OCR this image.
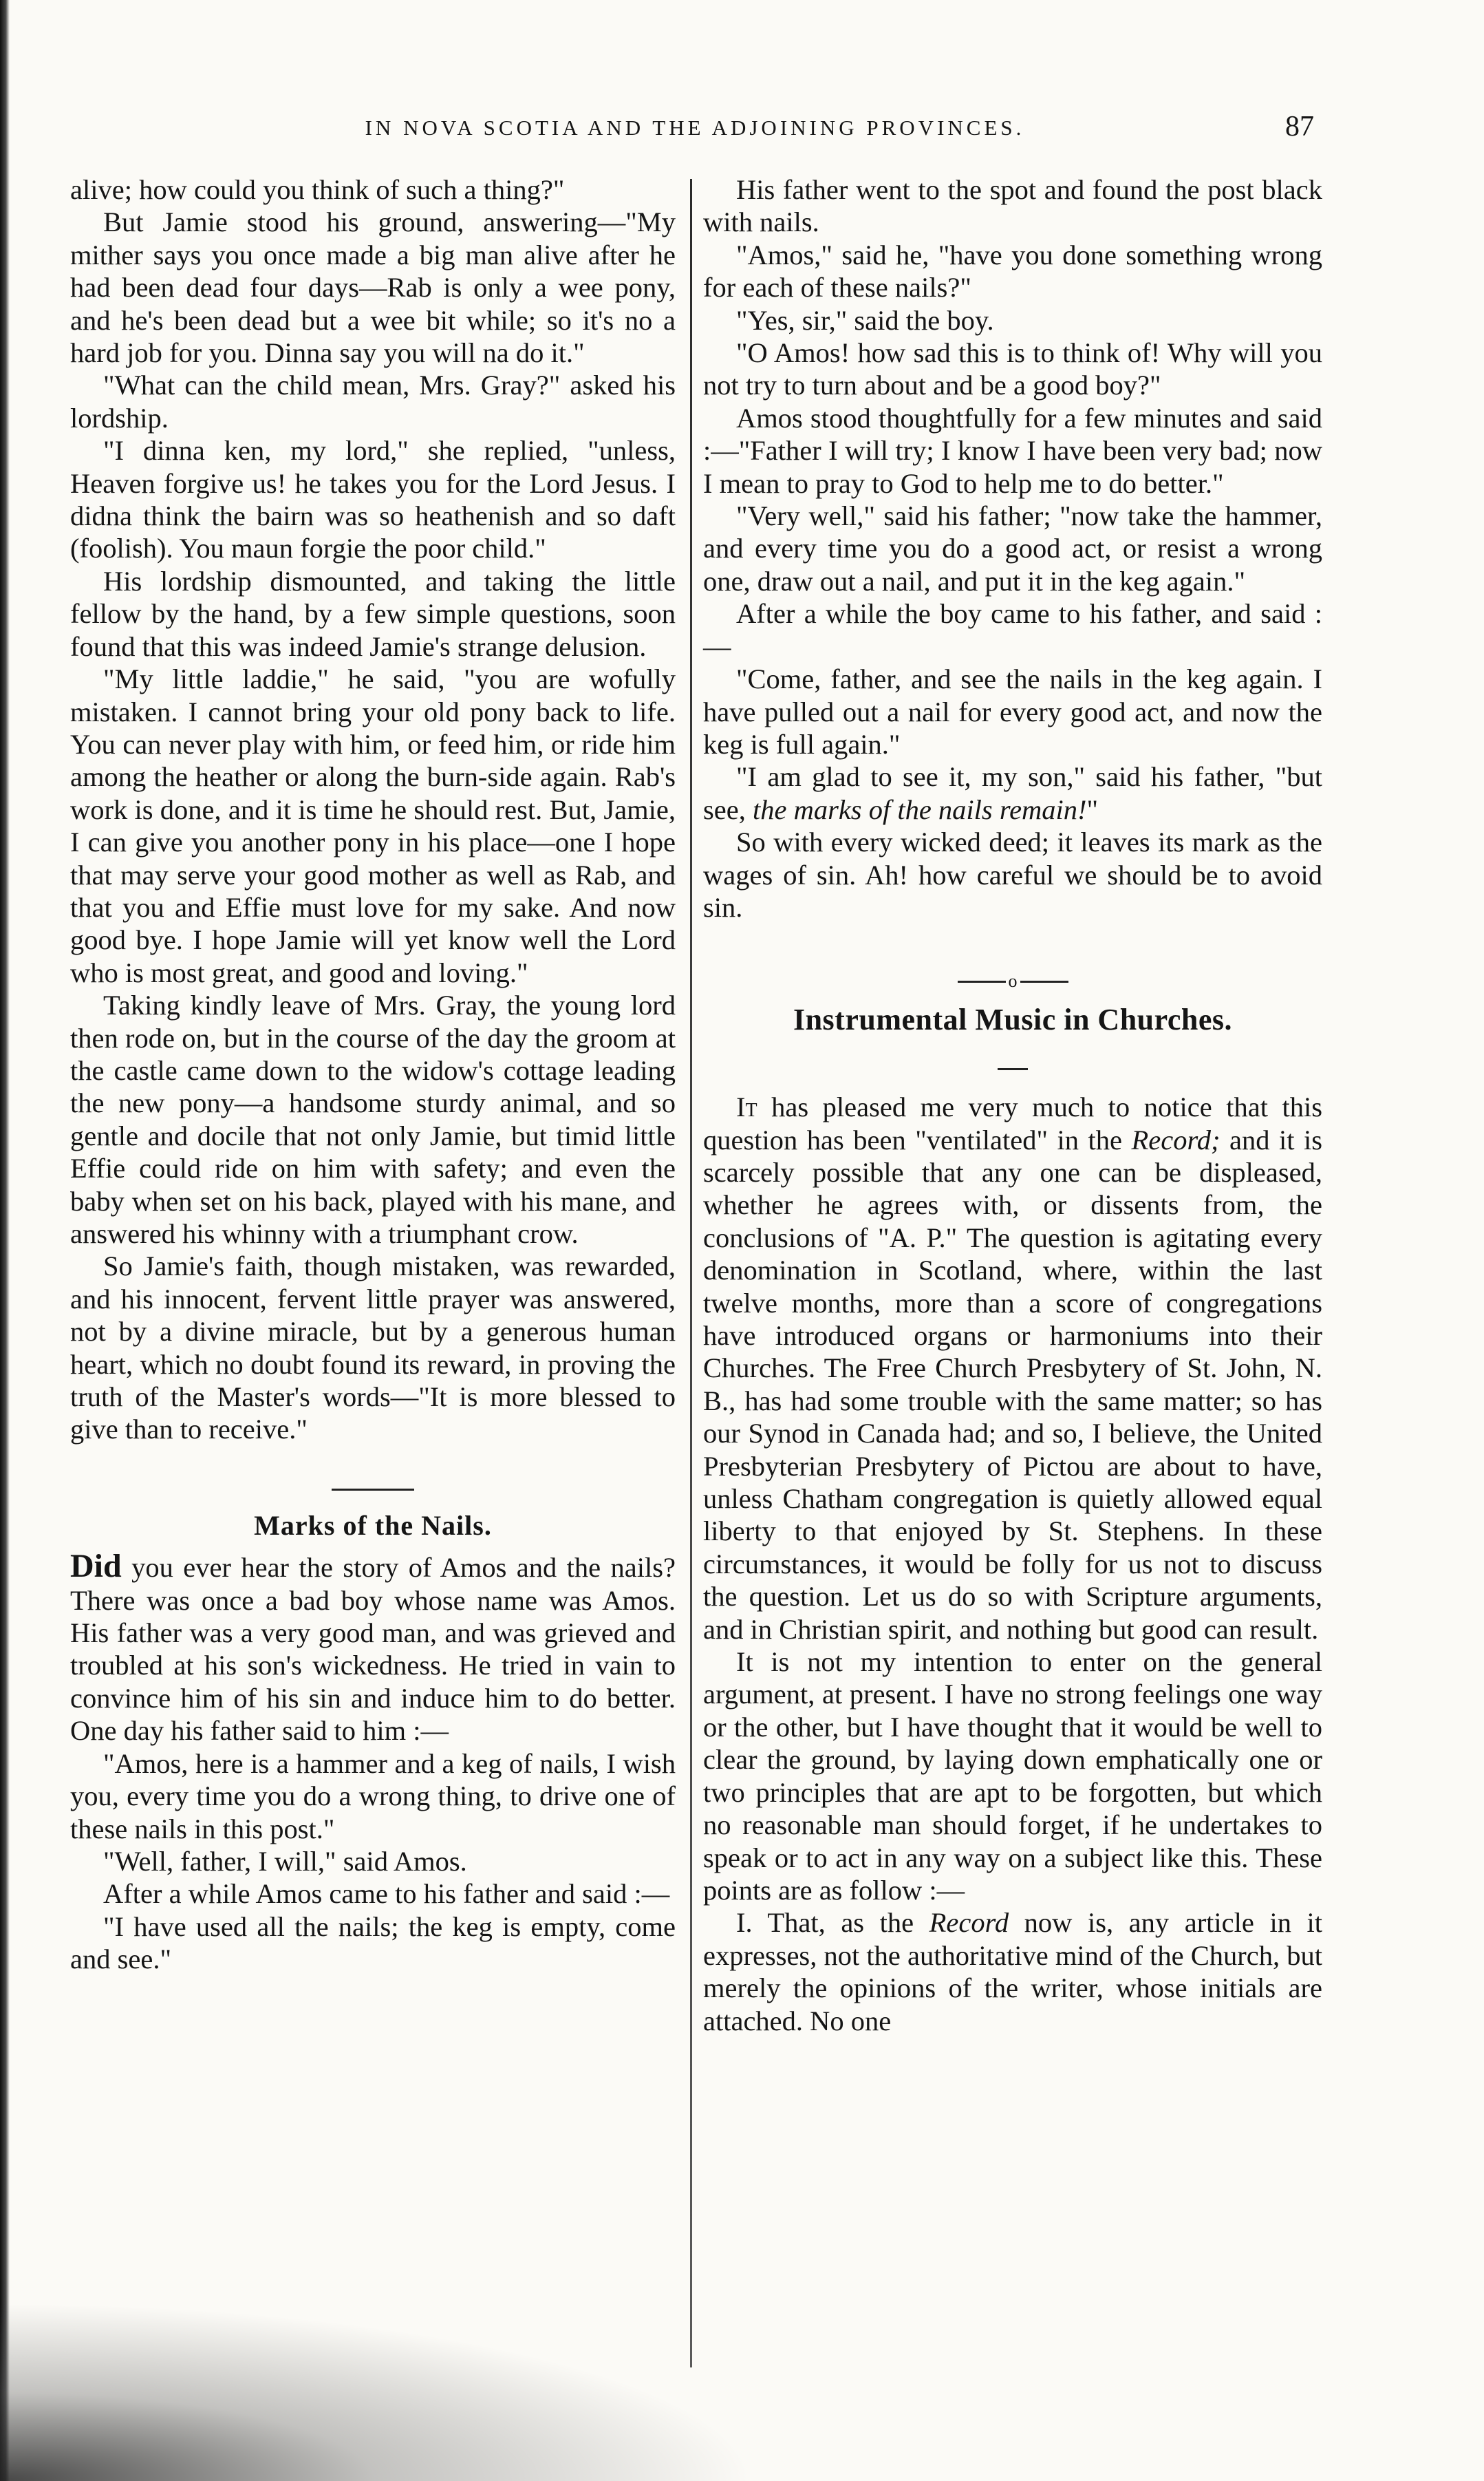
IN NOVA SCOTIA AND THE ADJOINING PROVINCES.	87

alive; how could you think of such a thing?"

But Jamie stood his ground, answering—"My mither says you once made a big man alive after he had been dead four days—Rab is only a wee pony, and he's been dead but a wee bit while; so it's no a hard job for you. Dinna say you will na do it."

"What can the child mean, Mrs. Gray?" asked his lordship.

"I dinna ken, my lord," she replied, "unless, Heaven forgive us! he takes you for the Lord Jesus. I didna think the bairn was so heathenish and so daft (foolish). You maun forgie the poor child."

His lordship dismounted, and taking the little fellow by the hand, by a few simple questions, soon found that this was indeed Jamie's strange delusion.

"My little laddie," he said, "you are wofully mistaken. I cannot bring your old pony back to life. You can never play with him, or feed him, or ride him among the heather or along the burn-side again. Rab's work is done, and it is time he should rest. But, Jamie, I can give you another pony in his place—one I hope that may serve your good mother as well as Rab, and that you and Effie must love for my sake. And now good bye. I hope Jamie will yet know well the Lord who is most great, and good and loving."

Taking kindly leave of Mrs. Gray, the young lord then rode on, but in the course of the day the groom at the castle came down to the widow's cottage leading the new pony—a handsome sturdy animal, and so gentle and docile that not only Jamie, but timid little Effie could ride on him with safety; and even the baby when set on his back, played with his mane, and answered his whinny with a triumphant crow.

So Jamie's faith, though mistaken, was rewarded, and his innocent, fervent little prayer was answered, not by a divine miracle, but by a generous human heart, which no doubt found its reward, in proving the truth of the Master's words—"It is more blessed to give than to receive."

Marks of the Nails.

Did you ever hear the story of Amos and the nails? There was once a bad boy whose name was Amos. His father was a very good man, and was grieved and troubled at his son's wickedness. He tried in vain to convince him of his sin and induce him to do better. One day his father said to him :—

"Amos, here is a hammer and a keg of nails, I wish you, every time you do a wrong thing, to drive one of these nails in this post."

"Well, father, I will," said Amos.

After a while Amos came to his father and said :—

"I have used all the nails; the keg is empty, come and see."

His father went to the spot and found the post black with nails.

"Amos," said he, "have you done something wrong for each of these nails?"

"Yes, sir," said the boy.

"O Amos! how sad this is to think of! Why will you not try to turn about and be a good boy?"

Amos stood thoughtfully for a few minutes and said :—"Father I will try; I know I have been very bad; now I mean to pray to God to help me to do better."

"Very well," said his father; "now take the hammer, and every time you do a good act, or resist a wrong one, draw out a nail, and put it in the keg again."

After a while the boy came to his father, and said :—

"Come, father, and see the nails in the keg again. I have pulled out a nail for every good act, and now the keg is full again."

"I am glad to see it, my son," said his father, "but see, the marks of the nails remain!"

So with every wicked deed; it leaves its mark as the wages of sin. Ah! how careful we should be to avoid sin.

o
Instrumental Music in Churches.

It has pleased me very much to notice that this question has been "ventilated" in the Record; and it is scarcely possible that any one can be displeased, whether he agrees with, or dissents from, the conclusions of "A. P." The question is agitating every denomination in Scotland, where, within the last twelve months, more than a score of congregations have introduced organs or harmoniums into their Churches. The Free Church Presbytery of St. John, N. B., has had some trouble with the same matter; so has our Synod in Canada had; and so, I believe, the United Presbyterian Presbytery of Pictou are about to have, unless Chatham congregation is quietly allowed equal liberty to that enjoyed by St. Stephens. In these circumstances, it would be folly for us not to discuss the question. Let us do so with Scripture arguments, and in Christian spirit, and nothing but good can result.

It is not my intention to enter on the general argument, at present. I have no strong feelings one way or the other, but I have thought that it would be well to clear the ground, by laying down emphatically one or two principles that are apt to be forgotten, but which no reasonable man should forget, if he undertakes to speak or to act in any way on a subject like this. These points are as follow :—

I. That, as the Record now is, any article in it expresses, not the authoritative mind of the Church, but merely the opinions of the writer, whose initials are attached. No one
